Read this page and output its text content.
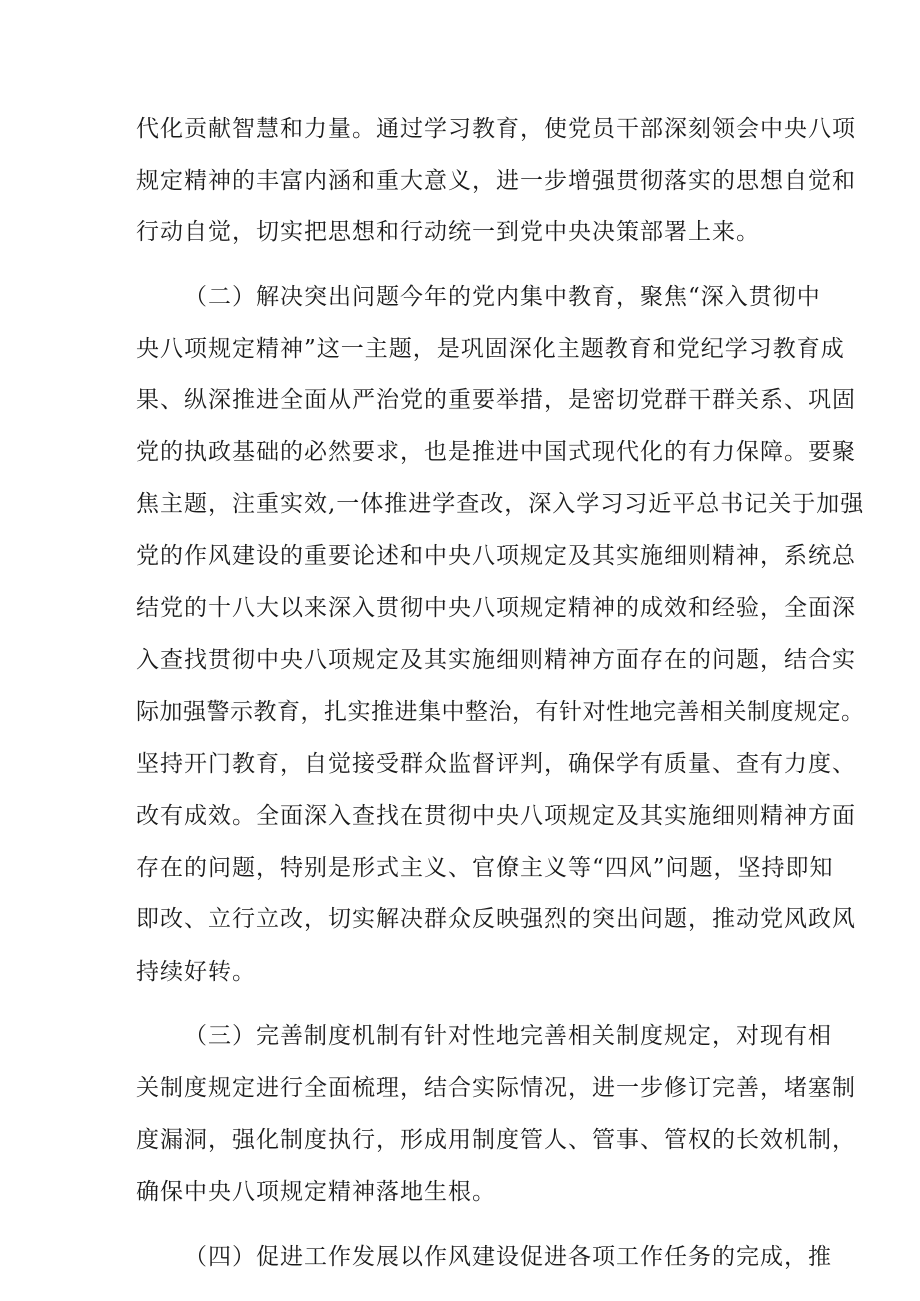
代化贡献智慧和力量。通过学习教育，使党员干部深刻领会中央八项

规定精神的丰富内涵和重大意义，进一步增强贯彻落实的思想自觉和

行动自觉，切实把思想和行动统一到党中央决策部署上来。

（二）解决突出问题今年的党内集中教育，聚焦“深入贯彻中

央八项规定精神”这一主题，是巩固深化主题教育和党纪学习教育成

果、纵深推进全面从严治党的重要举措，是密切党群干群关系、巩固

党的执政基础的必然要求，也是推进中国式现代化的有力保障。要聚

焦主题，注重实效,一体推进学查改，深入学习习近平总书记关于加强

党的作风建设的重要论述和中央八项规定及其实施细则精神，系统总

结党的十八大以来深入贯彻中央八项规定精神的成效和经验，全面深

入查找贯彻中央八项规定及其实施细则精神方面存在的问题，结合实

际加强警示教育，扎实推进集中整治，有针对性地完善相关制度规定。

坚持开门教育，自觉接受群众监督评判，确保学有质量、查有力度、

改有成效。全面深入查找在贯彻中央八项规定及其实施细则精神方面

存在的问题，特别是形式主义、官僚主义等“四风”问题，坚持即知

即改、立行立改，切实解决群众反映强烈的突出问题，推动党风政风

持续好转。

（三）完善制度机制有针对性地完善相关制度规定，对现有相

关制度规定进行全面梳理，结合实际情况，进一步修订完善，堵塞制

度漏洞，强化制度执行，形成用制度管人、管事、管权的长效机制，

确保中央八项规定精神落地生根。

（四）促进工作发展以作风建设促进各项工作任务的完成，推
